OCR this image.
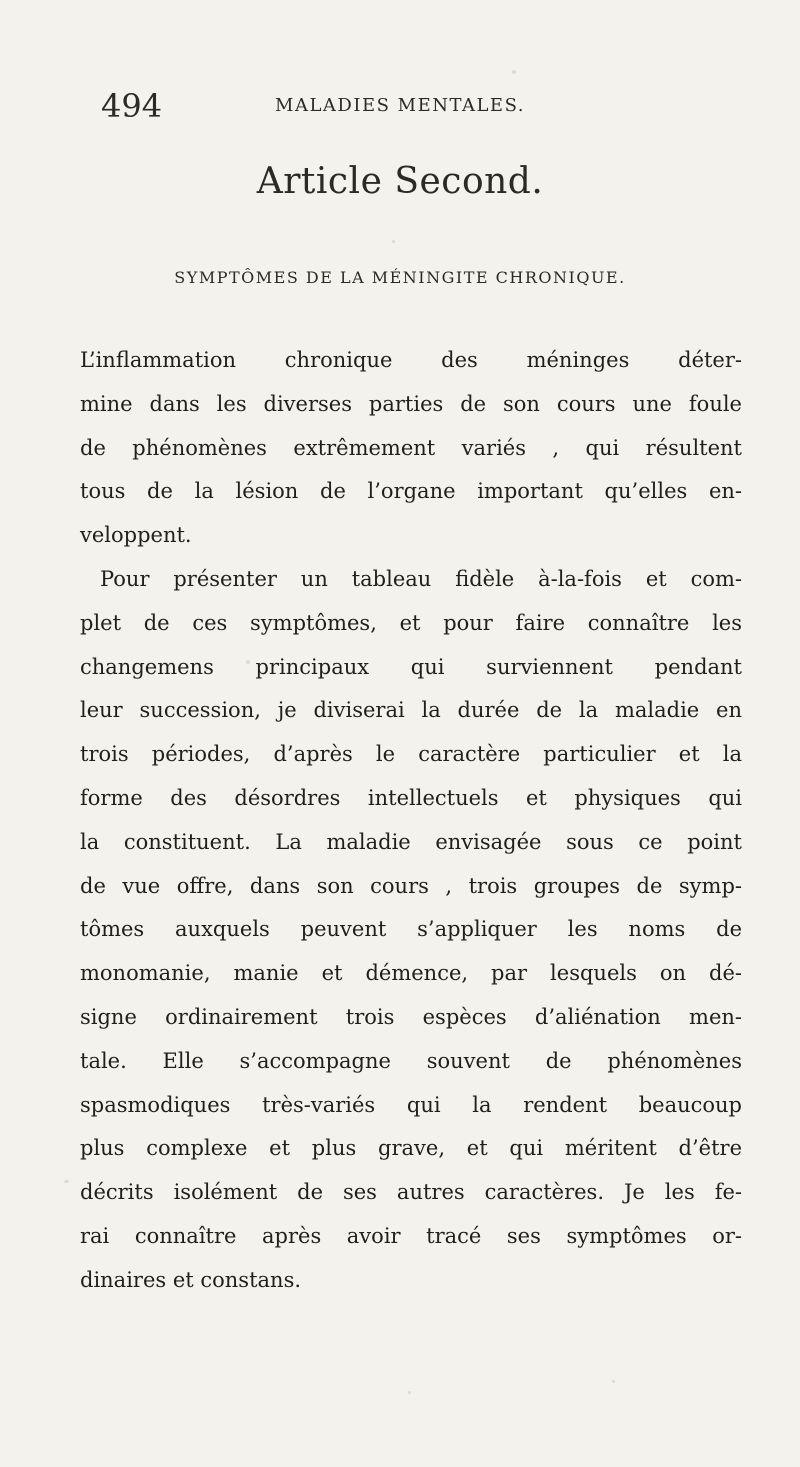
494	MALADIES MENTALES.
Article Second.
SYMPTÔMES DE LA MÉNINGITE CHRONIQUE.
L’inflammation chronique des méninges déter-
mine dans les diverses parties de son cours une foule
de phénomènes extrêmement variés , qui résultent
tous de la lésion de l’organe important qu’elles en-
veloppent.
Pour présenter un tableau fidèle à-la-fois et com-
plet de ces symptômes, et pour faire connaître les
changemens principaux qui surviennent pendant
leur succession, je diviserai la durée de la maladie en
trois périodes, d’après le caractère particulier et la
forme des désordres intellectuels et physiques qui
la constituent. La maladie envisagée sous ce point
de vue offre, dans son cours , trois groupes de symp-
tômes auxquels peuvent s’appliquer les noms de
monomanie, manie et démence, par lesquels on dé-
signe ordinairement trois espèces d’aliénation men-
tale. Elle s’accompagne souvent de phénomènes
spasmodiques très-variés qui la rendent beaucoup
plus complexe et plus grave, et qui méritent d’être
décrits isolément de ses autres caractères. Je les fe-
rai connaître après avoir tracé ses symptômes or-
dinaires et constans.
